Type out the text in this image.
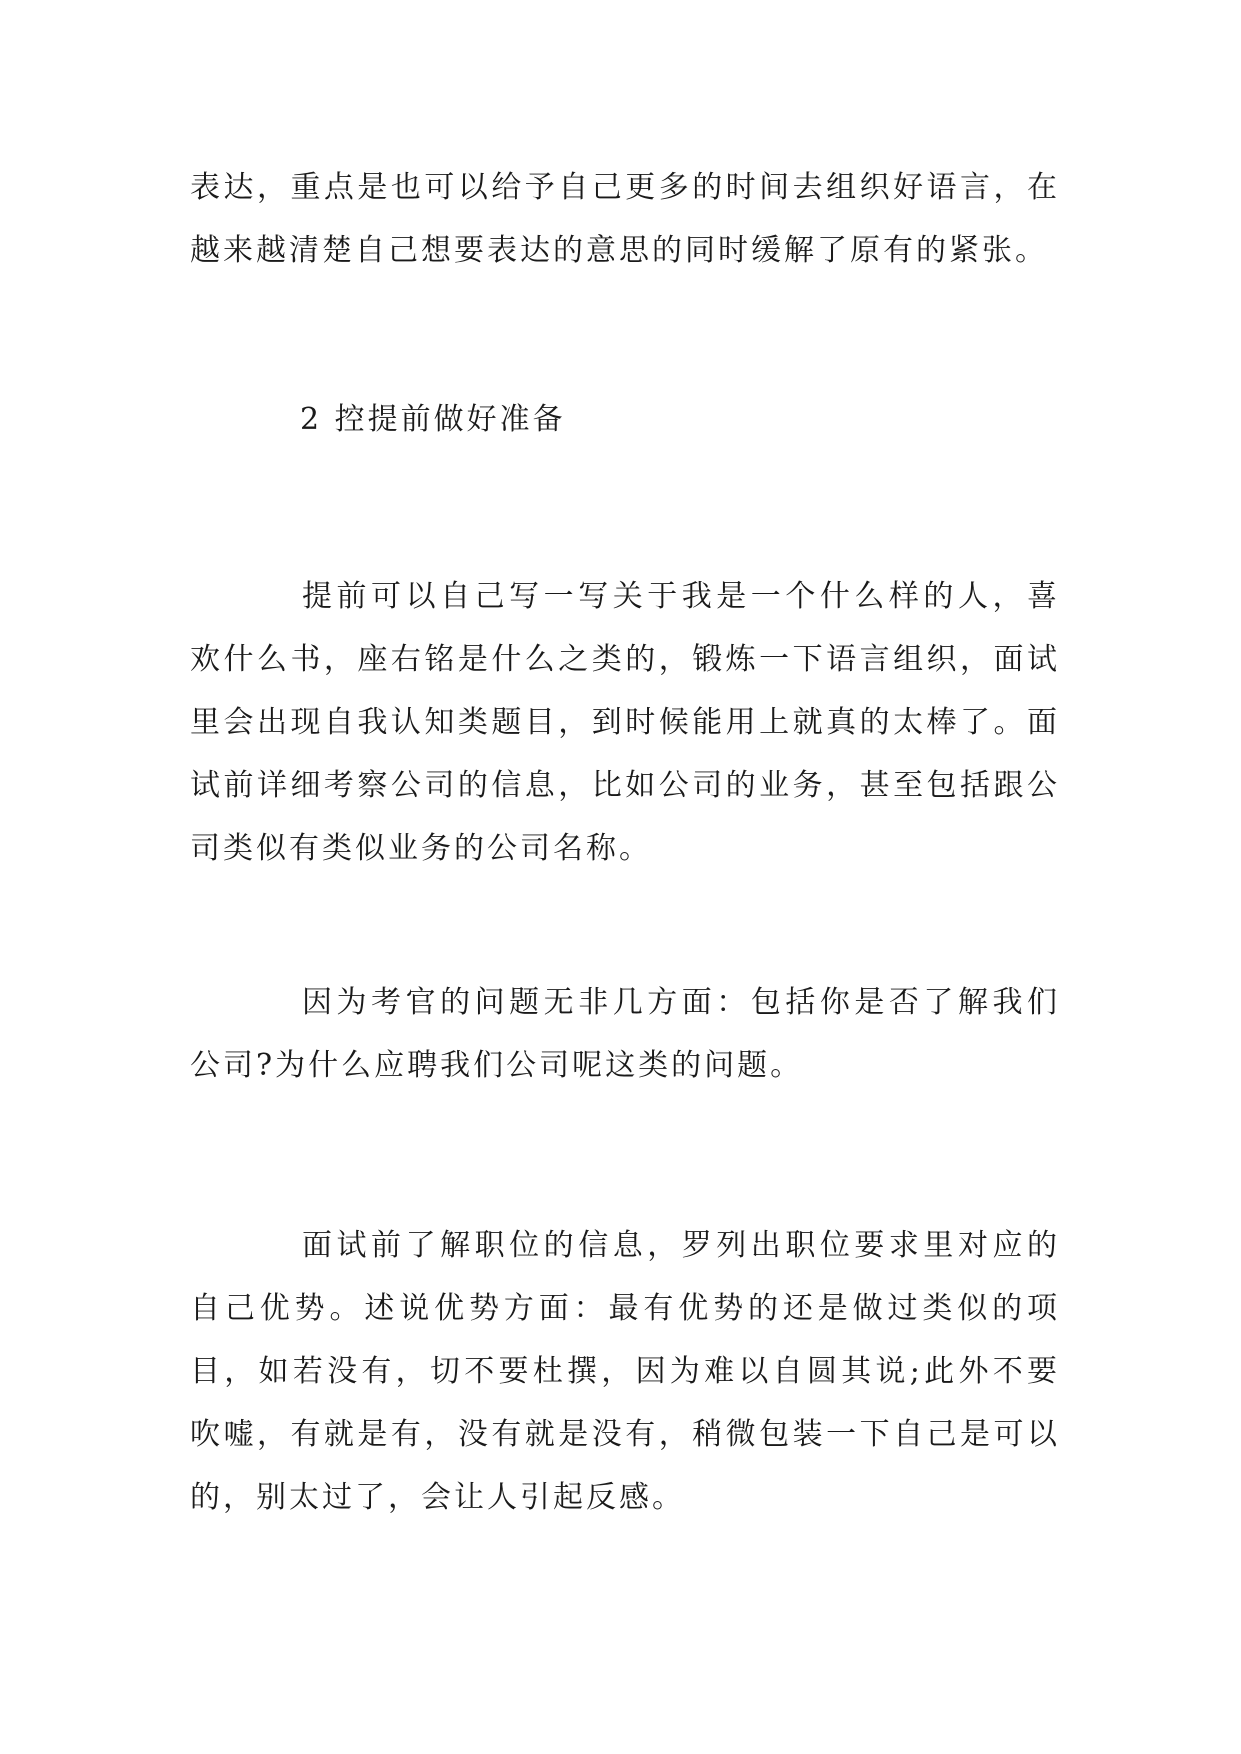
表达，重点是也可以给予自己更多的时间去组织好语言，在越来越清楚自己想要表达的意思的同时缓解了原有的紧张。

2 控提前做好准备

提前可以自己写一写关于我是一个什么样的人，喜欢什么书，座右铭是什么之类的，锻炼一下语言组织，面试里会出现自我认知类题目，到时候能用上就真的太棒了。面试前详细考察公司的信息，比如公司的业务，甚至包括跟公司类似有类似业务的公司名称。

因为考官的问题无非几方面：包括你是否了解我们公司?为什么应聘我们公司呢这类的问题。

面试前了解职位的信息，罗列出职位要求里对应的自己优势。述说优势方面：最有优势的还是做过类似的项目，如若没有，切不要杜撰，因为难以自圆其说;此外不要吹嘘，有就是有，没有就是没有，稍微包装一下自己是可以的，别太过了，会让人引起反感。
